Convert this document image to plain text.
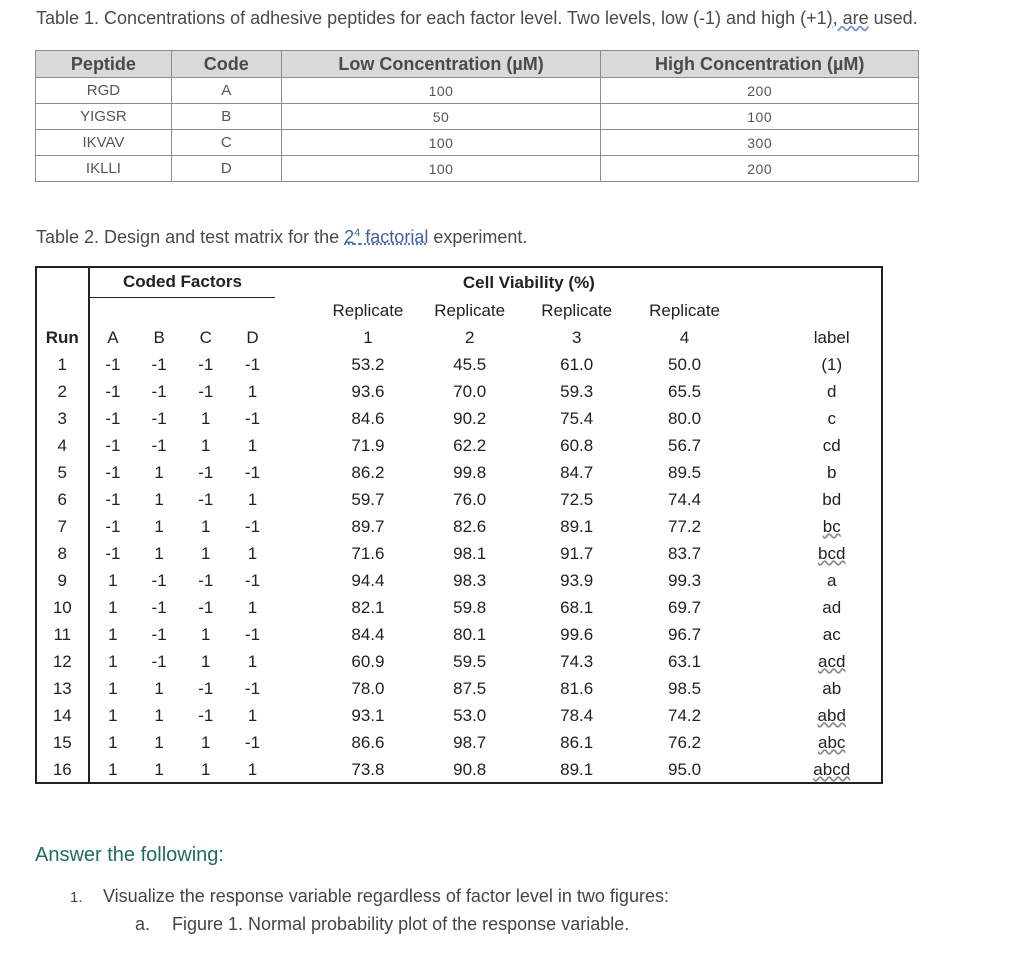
Table 1. Concentrations of adhesive peptides for each factor level. Two levels, low (-1) and high (+1), are used.
Peptide	Code	Low Concentration (µM)	High Concentration (µM)
RGD	A	100	200
YIGSR	B	50	100
IKVAV	C	100	300
IKLLI	D	100	200
Table 2. Design and test matrix for the $2^4$ factorial experiment.
	Coded Factors					Cell Viability (%)					
						Replicate	Replicate	Replicate	Replicate		
Run	A	B	C	D		1	2	3	4		label
1	-1	-1	-1	-1		53.2	45.5	61.0	50.0		(1)
2	-1	-1	-1	1		93.6	70.0	59.3	65.5		d
3	-1	-1	1	-1		84.6	90.2	75.4	80.0		c
4	-1	-1	1	1		71.9	62.2	60.8	56.7		cd
5	-1	1	-1	-1		86.2	99.8	84.7	89.5		b
6	-1	1	-1	1		59.7	76.0	72.5	74.4		bd
7	-1	1	1	-1		89.7	82.6	89.1	77.2		bc
8	-1	1	1	1		71.6	98.1	91.7	83.7		bcd
9	1	-1	-1	-1		94.4	98.3	93.9	99.3		a
10	1	-1	-1	1		82.1	59.8	68.1	69.7		ad
11	1	-1	1	-1		84.4	80.1	99.6	96.7		ac
12	1	-1	1	1		60.9	59.5	74.3	63.1		acd
13	1	1	-1	-1		78.0	87.5	81.6	98.5		ab
14	1	1	-1	1		93.1	53.0	78.4	74.2		abd
15	1	1	1	-1		86.6	98.7	86.1	76.2		abc
16	1	1	1	1		73.8	90.8	89.1	95.0		abcd
Answer the following:
1. Visualize the response variable regardless of factor level in two figures:
a. Figure 1. Normal probability plot of the response variable.
